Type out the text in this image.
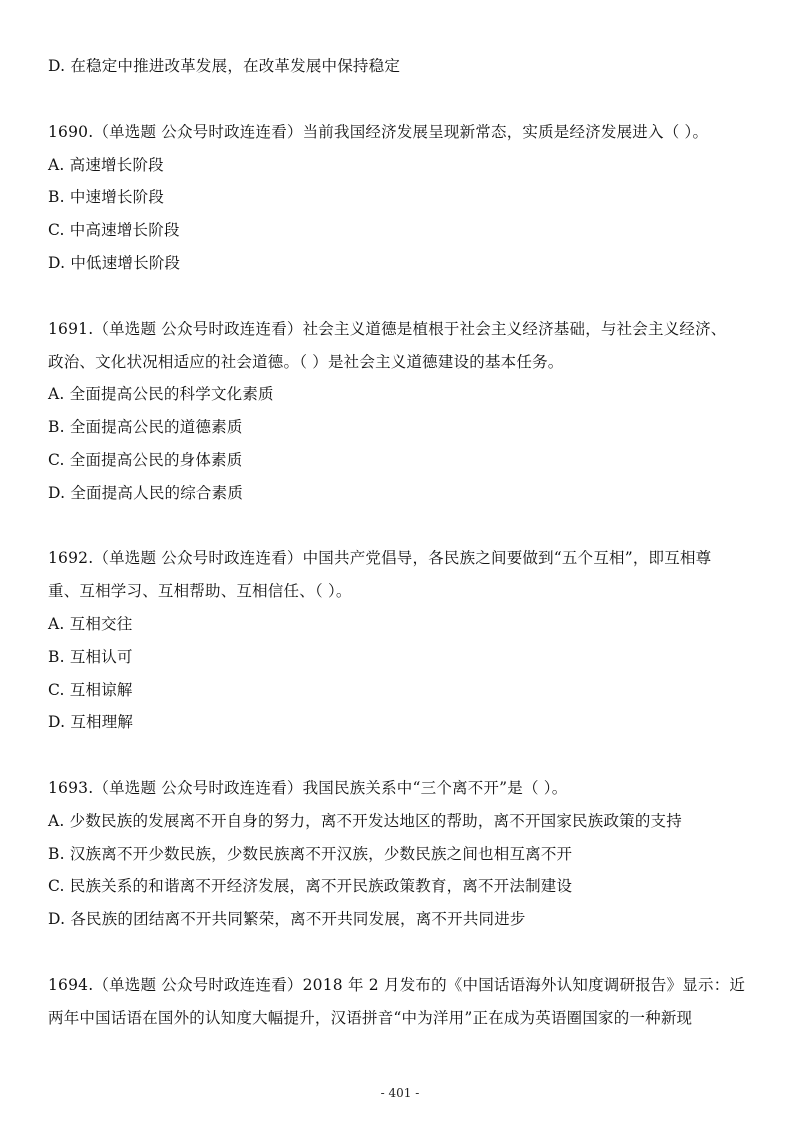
D. 在稳定中推进改革发展，在改革发展中保持稳定
1690.（单选题 公众号时政连连看）当前我国经济发展呈现新常态，实质是经济发展进入（ ）。
A. 高速增长阶段
B. 中速增长阶段
C. 中高速增长阶段
D. 中低速增长阶段
1691.（单选题 公众号时政连连看）社会主义道德是植根于社会主义经济基础，与社会主义经济、
政治、文化状况相适应的社会道德。（ ）是社会主义道德建设的基本任务。
A. 全面提高公民的科学文化素质
B. 全面提高公民的道德素质
C. 全面提高公民的身体素质
D. 全面提高人民的综合素质
1692.（单选题 公众号时政连连看）中国共产党倡导，各民族之间要做到“五个互相”，即互相尊
重、互相学习、互相帮助、互相信任、（ ）。
A. 互相交往
B. 互相认可
C. 互相谅解
D. 互相理解
1693.（单选题 公众号时政连连看）我国民族关系中“三个离不开”是（ ）。
A. 少数民族的发展离不开自身的努力，离不开发达地区的帮助，离不开国家民族政策的支持
B. 汉族离不开少数民族，少数民族离不开汉族，少数民族之间也相互离不开
C. 民族关系的和谐离不开经济发展，离不开民族政策教育，离不开法制建设
D. 各民族的团结离不开共同繁荣，离不开共同发展，离不开共同进步
1694.（单选题 公众号时政连连看）2018 年 2 月发布的《中国话语海外认知度调研报告》显示：近
两年中国话语在国外的认知度大幅提升，汉语拼音“中为洋用”正在成为英语圈国家的一种新现
- 401 -
